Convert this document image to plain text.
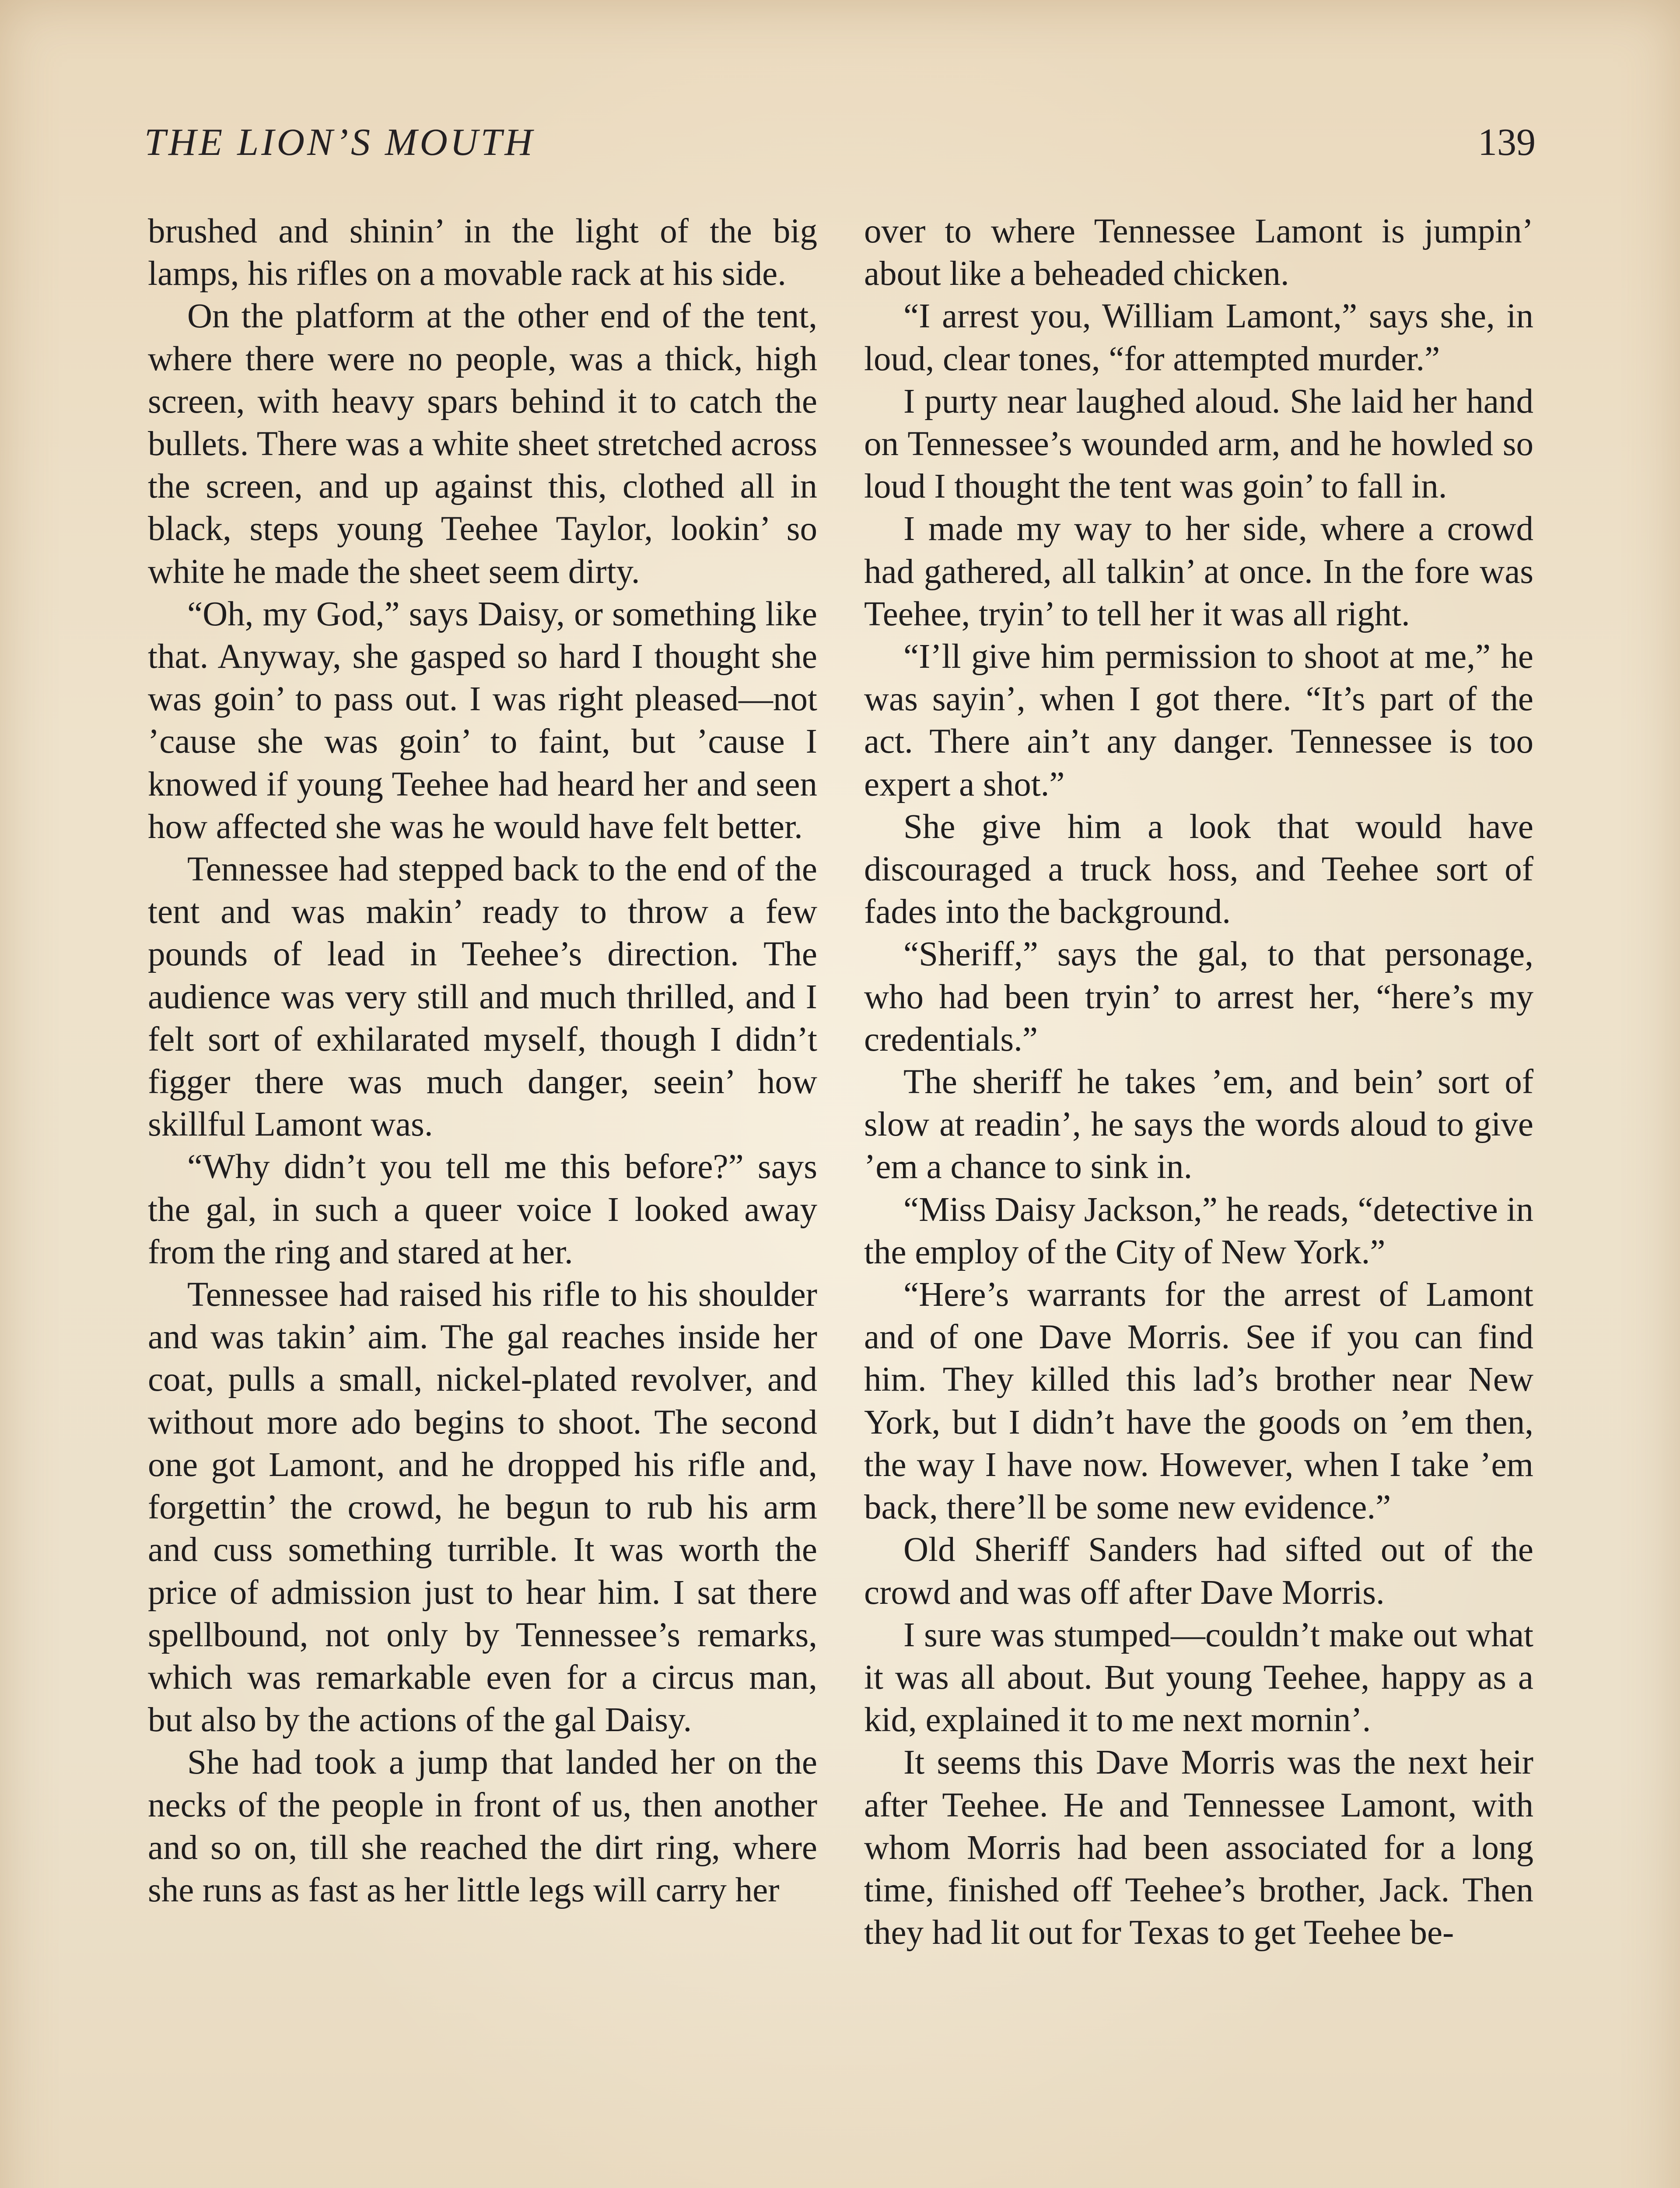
THE LION’S MOUTH	139

brushed and shinin’ in the light of the big lamps, his rifles on a movable rack at his side.

On the platform at the other end of the tent, where there were no people, was a thick, high screen, with heavy spars behind it to catch the bullets. There was a white sheet stretched across the screen, and up against this, clothed all in black, steps young Teehee Taylor, lookin’ so white he made the sheet seem dirty.

“Oh, my God,” says Daisy, or something like that. Anyway, she gasped so hard I thought she was goin’ to pass out. I was right pleased—not ’cause she was goin’ to faint, but ’cause I knowed if young Teehee had heard her and seen how affected she was he would have felt better.

Tennessee had stepped back to the end of the tent and was makin’ ready to throw a few pounds of lead in Teehee’s direction. The audience was very still and much thrilled, and I felt sort of exhilarated myself, though I didn’t figger there was much danger, seein’ how skillful Lamont was.

“Why didn’t you tell me this before?” says the gal, in such a queer voice I looked away from the ring and stared at her.

Tennessee had raised his rifle to his shoulder and was takin’ aim. The gal reaches inside her coat, pulls a small, nickel-plated revolver, and without more ado begins to shoot. The second one got Lamont, and he dropped his rifle and, forgettin’ the crowd, he begun to rub his arm and cuss something turrible. It was worth the price of admission just to hear him. I sat there spellbound, not only by Tennessee’s remarks, which was remarkable even for a circus man, but also by the actions of the gal Daisy.

She had took a jump that landed her on the necks of the people in front of us, then another and so on, till she reached the dirt ring, where she runs as fast as her little legs will carry her

over to where Tennessee Lamont is jumpin’ about like a beheaded chicken.

“I arrest you, William Lamont,” says she, in loud, clear tones, “for attempted murder.”

I purty near laughed aloud. She laid her hand on Tennessee’s wounded arm, and he howled so loud I thought the tent was goin’ to fall in.

I made my way to her side, where a crowd had gathered, all talkin’ at once. In the fore was Teehee, tryin’ to tell her it was all right.

“I’ll give him permission to shoot at me,” he was sayin’, when I got there. “It’s part of the act. There ain’t any danger. Tennessee is too expert a shot.”

She give him a look that would have discouraged a truck hoss, and Teehee sort of fades into the background.

“Sheriff,” says the gal, to that personage, who had been tryin’ to arrest her, “here’s my credentials.”

The sheriff he takes ’em, and bein’ sort of slow at readin’, he says the words aloud to give ’em a chance to sink in.

“Miss Daisy Jackson,” he reads, “detective in the employ of the City of New York.”

“Here’s warrants for the arrest of Lamont and of one Dave Morris. See if you can find him. They killed this lad’s brother near New York, but I didn’t have the goods on ’em then, the way I have now. However, when I take ’em back, there’ll be some new evidence.”

Old Sheriff Sanders had sifted out of the crowd and was off after Dave Morris.

I sure was stumped—couldn’t make out what it was all about. But young Teehee, happy as a kid, explained it to me next mornin’.

It seems this Dave Morris was the next heir after Teehee. He and Tennessee Lamont, with whom Morris had been associated for a long time, finished off Teehee’s brother, Jack. Then they had lit out for Texas to get Teehee be-
